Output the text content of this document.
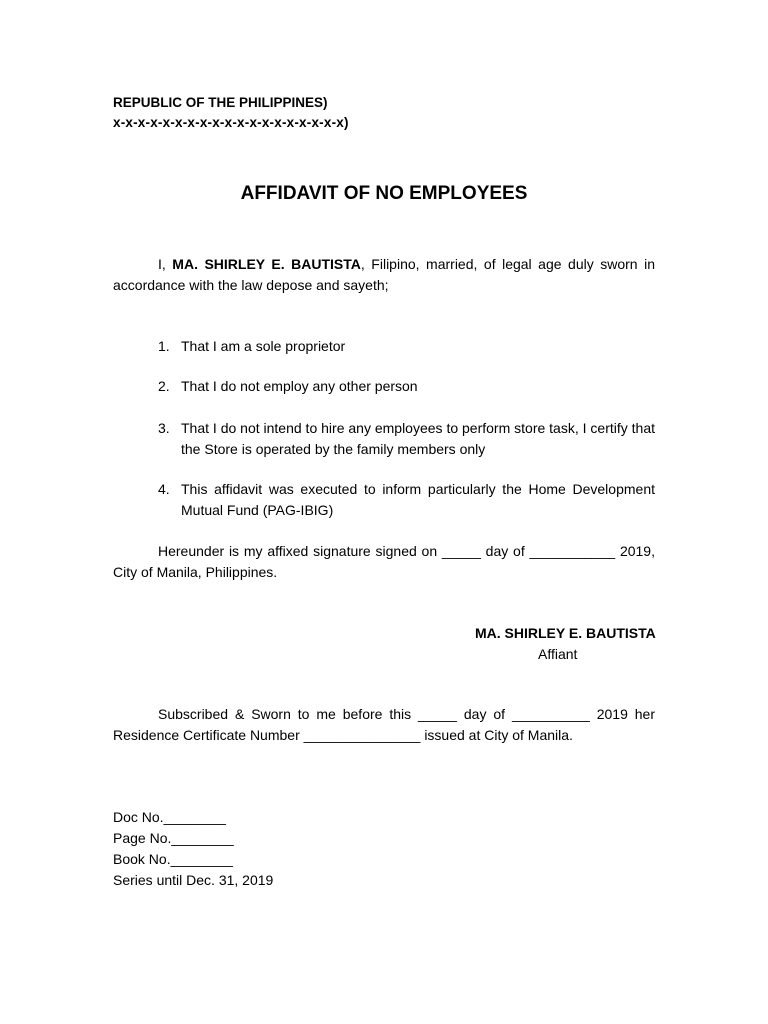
REPUBLIC OF THE PHILIPPINES)
x-x-x-x-x-x-x-x-x-x-x-x-x-x-x-x-x-x-x)
AFFIDAVIT OF NO EMPLOYEES
I, MA. SHIRLEY E. BAUTISTA, Filipino, married, of legal age duly sworn in accordance with the law depose and sayeth;
1. That I am a sole proprietor
2. That I do not employ any other person
3. That I do not intend to hire any employees to perform store task, I certify that the Store is operated by the family members only
4. This affidavit was executed to inform particularly the Home Development Mutual Fund (PAG-IBIG)
Hereunder is my affixed signature signed on _____ day of ___________ 2019, City of Manila, Philippines.
MA. SHIRLEY E. BAUTISTA
Affiant
Subscribed & Sworn to me before this _____ day of __________ 2019 her Residence Certificate Number _______________ issued at City of Manila.
Doc No.________
Page No.________
Book No.________
Series until Dec. 31, 2019
